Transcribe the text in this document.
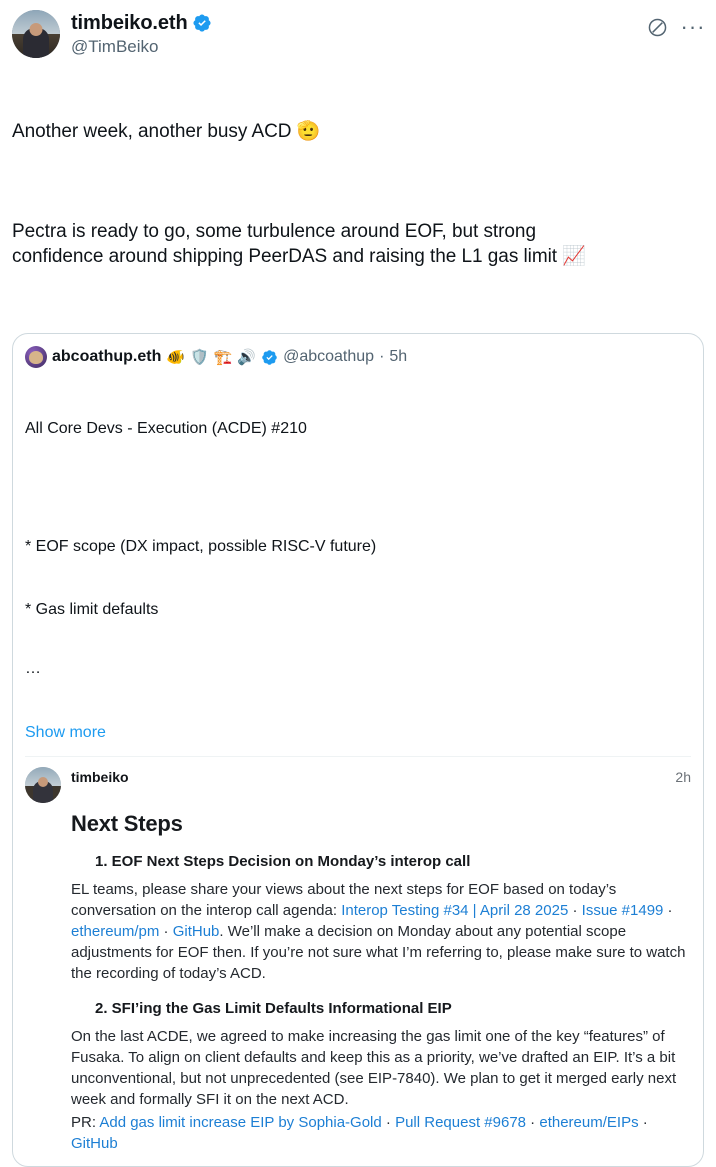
timbeiko.eth
@TimBeiko
···

Another week, another busy ACD 🫡

Pectra is ready to go, some turbulence around EOF, but strong
confidence around shipping PeerDAS and raising the L1 gas limit 📈

abcoathup.eth 🐠 🛡️ 🏗️ 🔊 @abcoathup · 5h

All Core Devs - Execution (ACDE) #210

* EOF scope (DX impact, possible RISC-V future)

* Gas limit defaults

…

Show more
timbeiko	2h
Next Steps
1. EOF Next Steps Decision on Monday’s interop call
EL teams, please share your views about the next steps for EOF based on today’s conversation on the interop call agenda: Interop Testing #34 | April 28 2025 · Issue #1499 · ethereum/pm · GitHub. We’ll make a decision on Monday about any potential scope adjustments for EOF then. If you’re not sure what I’m referring to, please make sure to watch the recording of today’s ACD.
2. SFI’ing the Gas Limit Defaults Informational EIP
On the last ACDE, we agreed to make increasing the gas limit one of the key “features” of Fusaka. To align on client defaults and keep this as a priority, we’ve drafted an EIP. It’s a bit unconventional, but not unprecedented (see EIP-7840). We plan to get it merged early next week and formally SFI it on the next ACD.
PR: Add gas limit increase EIP by Sophia-Gold · Pull Request #9678 · ethereum/EIPs · GitHub
